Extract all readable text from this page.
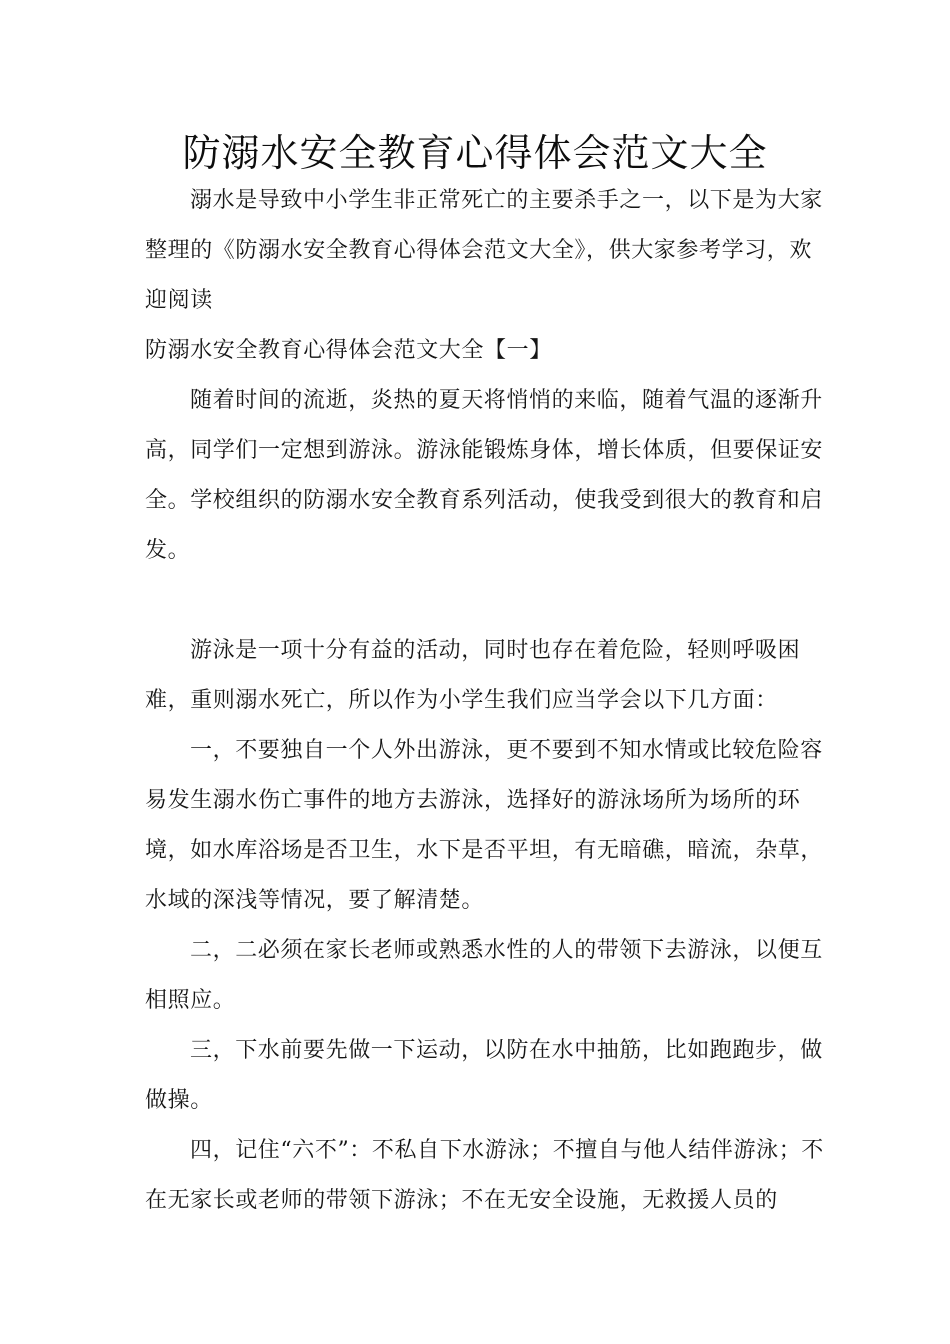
防溺水安全教育心得体会范文大全

溺水是导致中小学生非正常死亡的主要杀手之一，以下是为大家整理的《防溺水安全教育心得体会范文大全》，供大家参考学习，欢迎阅读

防溺水安全教育心得体会范文大全【一】

随着时间的流逝，炎热的夏天将悄悄的来临，随着气温的逐渐升高，同学们一定想到游泳。游泳能锻炼身体，增长体质，但要保证安全。学校组织的防溺水安全教育系列活动，使我受到很大的教育和启发。

游泳是一项十分有益的活动，同时也存在着危险，轻则呼吸困难，重则溺水死亡，所以作为小学生我们应当学会以下几方面：

一，不要独自一个人外出游泳，更不要到不知水情或比较危险容易发生溺水伤亡事件的地方去游泳，选择好的游泳场所为场所的环境，如水库浴场是否卫生，水下是否平坦，有无暗礁，暗流，杂草，水域的深浅等情况，要了解清楚。

二，二必须在家长老师或熟悉水性的人的带领下去游泳，以便互相照应。

三，下水前要先做一下运动，以防在水中抽筋，比如跑跑步，做做操。

四，记住“六不”：不私自下水游泳；不擅自与他人结伴游泳；不在无家长或老师的带领下游泳；不在无安全设施，无救援人员的
